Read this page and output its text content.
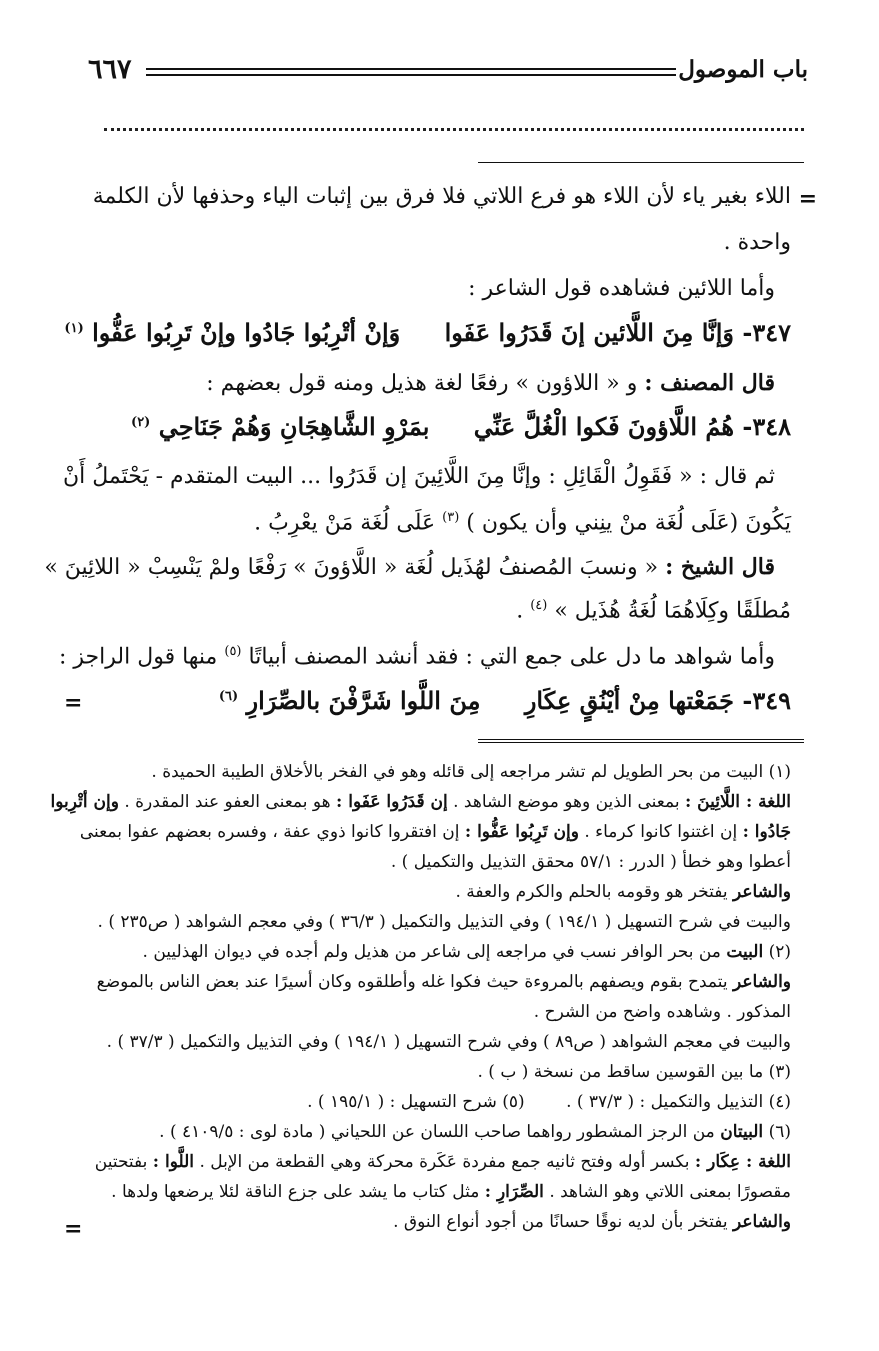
باب الموصول
٦٦٧
=
اللاء بغير ياء لأن اللاء هو فرع اللاتي فلا فرق بين إثبات الياء وحذفها لأن الكلمة
واحدة .
وأما اللائين فشاهده قول الشاعر :
٣٤٧- وَإنَّا مِنَ اللَّائين إنَ قَدَرُوا عَفَوا وَإنْ أتْرِبُوا جَادُوا وإنْ تَرِبُوا عَفُّوا $^{(١)}$
قال المصنف : و « اللاؤون » رفعًا لغة هذيل ومنه قول بعضهم :
٣٤٨- هُمُ اللَّاؤونَ فَكوا الْغُلَّ عَنِّي بمَرْوِ الشَّاهِجَانِ وَهُمْ جَنَاحِي $^{(٢)}$
ثم قال : « فَقَوِلُ الْقَائِلِ : وإنَّا مِنَ اللَّائِينَ إن قَدَرُوا ... البيت المتقدم - يَحْتَملُ أَنْ
يَكُونَ (عَلَى لُغَة منْ ينِني وأن يكون ) $^{(٣)}$ عَلَى لُغَة مَنْ يعْرِبُ .
قال الشيخ : « ونسبَ المُصنفُ لهُذَيل لُغَة « اللَّاؤونَ » رَفْعًا ولمْ يَنْسِبْ « اللائِينَ »
مُطلَقًا وكِلَاهُمَا لُغَةُ هُذَيل » $^{(٤)}$ .
وأما شواهد ما دل على جمع التي : فقد أنشد المصنف أبياتًا $^{(٥)}$ منها قول الراجز :
٣٤٩- جَمَعْتها مِنْ أيْنُقٍ عِكَارِ مِنَ اللَّوا شَرَّفْنَ بالصِّرَارِ $^{(٦)}$
=
(١) البيت من بحر الطويل لم تشر مراجعه إلى قائله وهو في الفخر بالأخلاق الطيبة الحميدة .
اللغة : اللَّائِينَ : بمعنى الذين وهو موضع الشاهد . إن قَدَرُوا عَفَوا : هو بمعنى العفو عند المقدرة . وإن أتْرِبوا
جَادُوا : إن اغتنوا كانوا كرماء . وإن تَرِبُوا عَفُّوا : إن افتقروا كانوا ذوي عفة ، وفسره بعضهم عفوا بمعنى
أعطوا وهو خطأ ( الدرر : ٥٧/١ محقق التذييل والتكميل ) .
والشاعر يفتخر هو وقومه بالحلم والكرم والعفة .
والبيت في شرح التسهيل ( ١٩٤/١ ) وفي التذييل والتكميل ( ٣٦/٣ ) وفي معجم الشواهد ( ص٢٣٥ ) .
(٢) البيت من بحر الوافر نسب في مراجعه إلى شاعر من هذيل ولم أجده في ديوان الهذليين .
والشاعر يتمدح بقوم ويصفهم بالمروءة حيث فكوا غله وأطلقوه وكان أسيرًا عند بعض الناس بالموضع
المذكور . وشاهده واضح من الشرح .
والبيت في معجم الشواهد ( ص٨٩ ) وفي شرح التسهيل ( ١٩٤/١ ) وفي التذييل والتكميل ( ٣٧/٣ ) .
(٣) ما بين القوسين ساقط من نسخة ( ب ) .
(٤) التذييل والتكميل : ( ٣٧/٣ ) . (٥) شرح التسهيل : ( ١٩٥/١ ) .
(٦) البيتان من الرجز المشطور رواهما صاحب اللسان عن اللحياني ( مادة لوى : ٤١٠٩/٥ ) .
اللغة : عِكَار : بكسر أوله وفتح ثانيه جمع مفردة عَكَرة محركة وهي القطعة من الإبل . اللَّوا : بفتحتين
مقصورًا بمعنى اللاتي وهو الشاهد . الصِّرَارِ : مثل كتاب ما يشد على جزع الناقة لئلا يرضعها ولدها .
والشاعر يفتخر بأن لديه نوقًا حسانًا من أجود أنواع النوق .
=
